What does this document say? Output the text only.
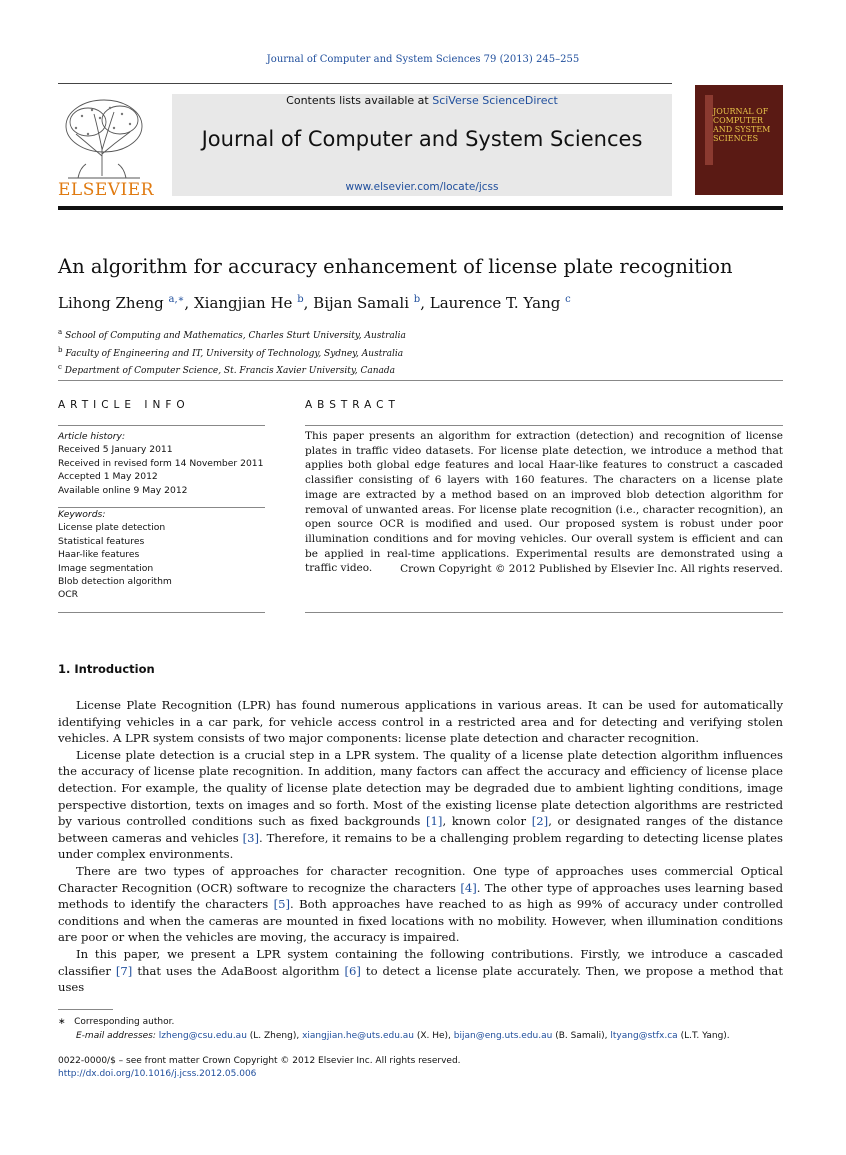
Journal of Computer and System Sciences 79 (2013) 245–255
ELSEVIER
Contents lists available at SciVerse ScienceDirect
Journal of Computer and System Sciences
www.elsevier.com/locate/jcss
JOURNAL OF
COMPUTER
AND SYSTEM
SCIENCES
An algorithm for accuracy enhancement of license plate recognition
Lihong Zheng $^{a,∗}$, Xiangjian He $^b$, Bijan Samali $^b$, Laurence T. Yang $^c$
$^a$ School of Computing and Mathematics, Charles Sturt University, Australia
$^b$ Faculty of Engineering and IT, University of Technology, Sydney, Australia
$^c$ Department of Computer Science, St. Francis Xavier University, Canada
ARTICLE INFO	ABSTRACT
Article history:
Received 5 January 2011
Received in revised form 14 November 2011
Accepted 1 May 2012
Available online 9 May 2012
Keywords:
License plate detection
Statistical features
Haar-like features
Image segmentation
Blob detection algorithm
OCR
This paper presents an algorithm for extraction (detection) and recognition of license plates in traffic video datasets. For license plate detection, we introduce a method that applies both global edge features and local Haar-like features to construct a cascaded classifier consisting of 6 layers with 160 features. The characters on a license plate image are extracted by a method based on an improved blob detection algorithm for removal of unwanted areas. For license plate recognition (i.e., character recognition), an open source OCR is modified and used. Our proposed system is robust under poor illumination conditions and for moving vehicles. Our overall system is efficient and can be applied in real-time applications. Experimental results are demonstrated using a traffic video.	Crown Copyright © 2012 Published by Elsevier Inc. All rights reserved.
1. Introduction

License Plate Recognition (LPR) has found numerous applications in various areas. It can be used for automatically identifying vehicles in a car park, for vehicle access control in a restricted area and for detecting and verifying stolen vehicles. A LPR system consists of two major components: license plate detection and character recognition.

License plate detection is a crucial step in a LPR system. The quality of a license plate detection algorithm influences the accuracy of license plate recognition. In addition, many factors can affect the accuracy and efficiency of license place detection. For example, the quality of license plate detection may be degraded due to ambient lighting conditions, image perspective distortion, texts on images and so forth. Most of the existing license plate detection algorithms are restricted by various controlled conditions such as fixed backgrounds [1], known color [2], or designated ranges of the distance between cameras and vehicles [3]. Therefore, it remains to be a challenging problem regarding to detecting license plates under complex environments.

There are two types of approaches for character recognition. One type of approaches uses commercial Optical Character Recognition (OCR) software to recognize the characters [4]. The other type of approaches uses learning based methods to identify the characters [5]. Both approaches have reached to as high as 99% of accuracy under controlled conditions and when the cameras are mounted in fixed locations with no mobility. However, when illumination conditions are poor or when the vehicles are moving, the accuracy is impaired.

In this paper, we present a LPR system containing the following contributions. Firstly, we introduce a cascaded classifier [7] that uses the AdaBoost algorithm [6] to detect a license plate accurately. Then, we propose a method that uses

∗ Corresponding author.
E-mail addresses: lzheng@csu.edu.au (L. Zheng), xiangjian.he@uts.edu.au (X. He), bijan@eng.uts.edu.au (B. Samali), ltyang@stfx.ca (L.T. Yang).
0022-0000/$ – see front matter Crown Copyright © 2012 Elsevier Inc. All rights reserved.
http://dx.doi.org/10.1016/j.jcss.2012.05.006
